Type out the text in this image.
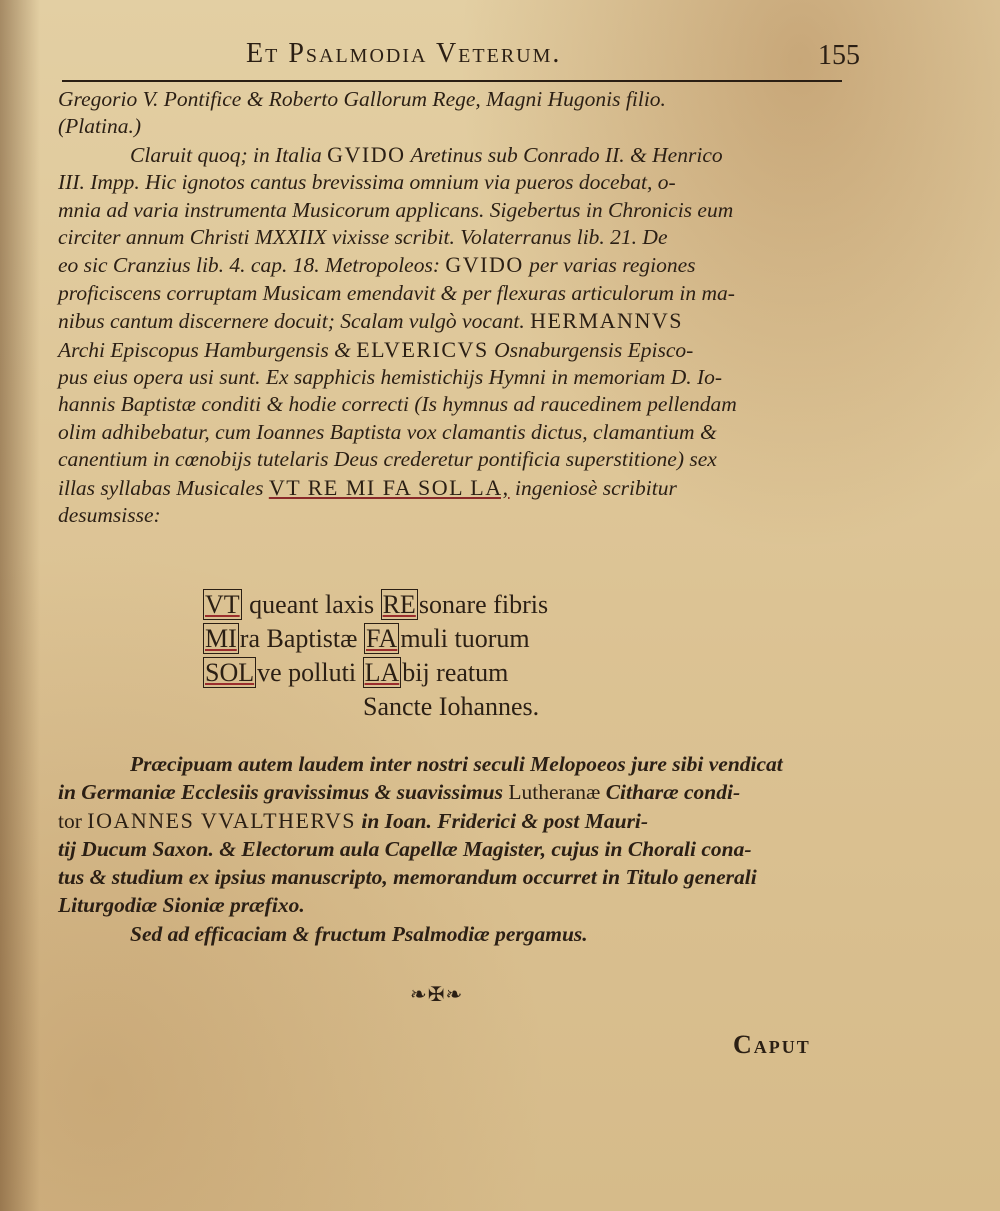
Et Psalmodia Veterum.	155
Gregorio V. Pontifice & Roberto Gallorum Rege, Magni Hugonis filio.
(Platina.)
Claruit quoq; in Italia GVIDO Aretinus sub Conrado II. & Henrico
III. Impp. Hic ignotos cantus brevissima omnium via pueros docebat, o-
mnia ad varia instrumenta Musicorum applicans. Sigebertus in Chronicis eum
circiter annum Christi MXXIIX vixisse scribit. Volaterranus lib. 21. De
eo sic Cranzius lib. 4. cap. 18. Metropoleos: GVIDO per varias regiones
proficiscens corruptam Musicam emendavit & per flexuras articulorum in ma-
nibus cantum discernere docuit; Scalam vulgò vocant. HERMANNVS
Archi Episcopus Hamburgensis & ELVERICVS Osnaburgensis Episco-
pus eius opera usi sunt. Ex sapphicis hemistichijs Hymni in memoriam D. Io-
hannis Baptistæ conditi & hodie correcti (Is hymnus ad raucedinem pellendam
olim adhibebatur, cum Ioannes Baptista vox clamantis dictus, clamantium &
canentium in cœnobijs tutelaris Deus crederetur pontificia superstitione) sex
illas syllabas Musicales VT RE MI FA SOL LA, ingeniosè scribitur
desumsisse:
VT queant laxis RE sonare fibris
MI ra Baptistæ FA muli tuorum
SOL ve polluti LA bij reatum
Sancte Iohannes.
Præcipuam autem laudem inter nostri seculi Melopoeos jure sibi vendicat
in Germaniæ Ecclesiis gravissimus & suavissimus Lutheranæ Citharæ condi-
tor IOANNES VVALTHERVS in Ioan. Friderici & post Mauri-
tij Ducum Saxon. & Electorum aula Capellæ Magister, cujus in Chorali cona-
tus & studium ex ipsius manuscripto, memorandum occurret in Titulo generali
Liturgodiæ Sioniæ præfixo.
Sed ad efficaciam & fructum Psalmodiæ pergamus.
❧✠❧
Caput
